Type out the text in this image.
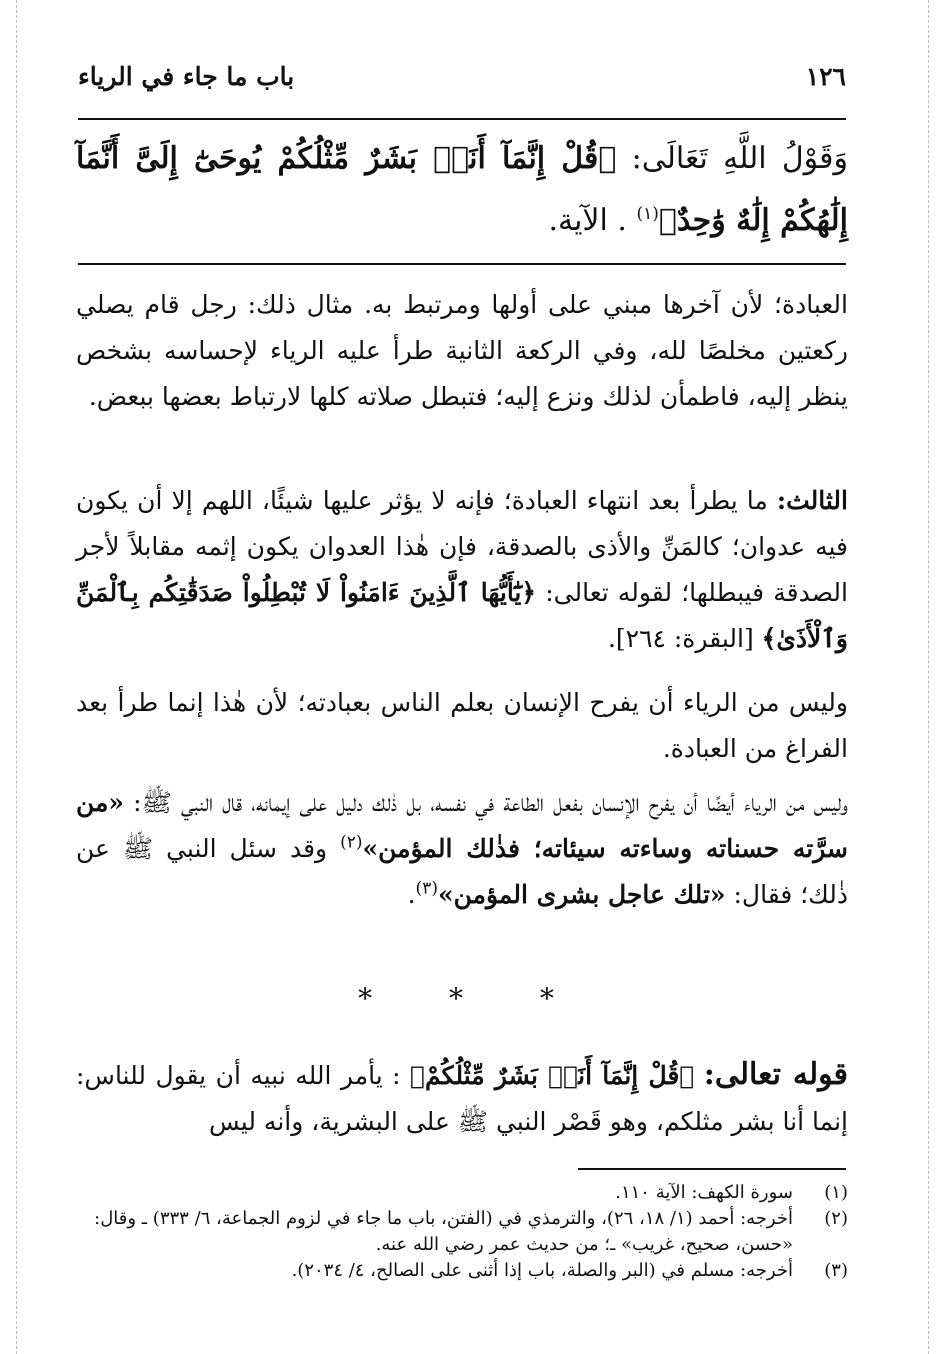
١٢٦
باب ما جاء في الرياء
وَقَوْلُ اللَّهِ تَعَالَى: ﴿قُلْ إِنَّمَآ أَنَا۠ بَشَرٌ مِّثْلُكُمْ يُوحَىٰٓ إِلَىَّ أَنَّمَآ إِلَٰهُكُمْ إِلَٰهٌ وَٰحِدٌ﴾$^{(١)}$ . الآية.
العبادة؛ لأن آخرها مبني على أولها ومرتبط به. مثال ذلك: رجل قام يصلي ركعتين مخلصًا لله، وفي الركعة الثانية طرأ عليه الرياء لإحساسه بشخص ينظر إليه، فاطمأن لذلك ونزع إليه؛ فتبطل صلاته كلها لارتباط بعضها ببعض.
الثالث: ما يطرأ بعد انتهاء العبادة؛ فإنه لا يؤثر عليها شيئًا، اللهم إلا أن يكون فيه عدوان؛ كالمَنِّ والأذى بالصدقة، فإن هٰذا العدوان يكون إثمه مقابلاً لأجر الصدقة فيبطلها؛ لقوله تعالى: ﴿يَٰٓأَيُّهَا ٱلَّذِينَ ءَامَنُواْ لَا تُبْطِلُواْ صَدَقَٰتِكُم بِٱلْمَنِّ وَٱلْأَذَىٰ﴾ [البقرة: ٢٦٤].
وليس من الرياء أن يفرح الإنسان بعلم الناس بعبادته؛ لأن هٰذا إنما طرأ بعد الفراغ من العبادة.
وليس من الرياء أيضًا أن يفرح الإنسان بفعل الطاعة في نفسه، بل ذٰلك دليل على إيمانه، قال النبي ﷺ: «من سرَّته حسناته وساءته سيئاته؛ فذٰلك المؤمن»$^{(٢)}$ وقد سئل النبي ﷺ عن ذٰلك؛ فقال: «تلك عاجل بشرى المؤمن»$^{(٣)}$.
* * *
قوله تعالى: ﴿قُلْ إِنَّمَآ أَنَا۠ بَشَرٌ مِّثْلُكُمْ﴾ : يأمر الله نبيه أن يقول للناس: إنما أنا بشر مثلكم، وهو قَصْر النبي ﷺ على البشرية، وأنه ليس
(١)
سورة الكهف: الآية ١١٠.
(٢)
أخرجه: أحمد (١/ ١٨، ٢٦)، والترمذي في (الفتن، باب ما جاء في لزوم الجماعة، ٦/ ٣٣٣) ـ وقال: «حسن، صحيح، غريب» ـ؛ من حديث عمر رضي الله عنه.
(٣)
أخرجه: مسلم في (البر والصلة، باب إذا أثنى على الصالح، ٤/ ٢٠٣٤).
